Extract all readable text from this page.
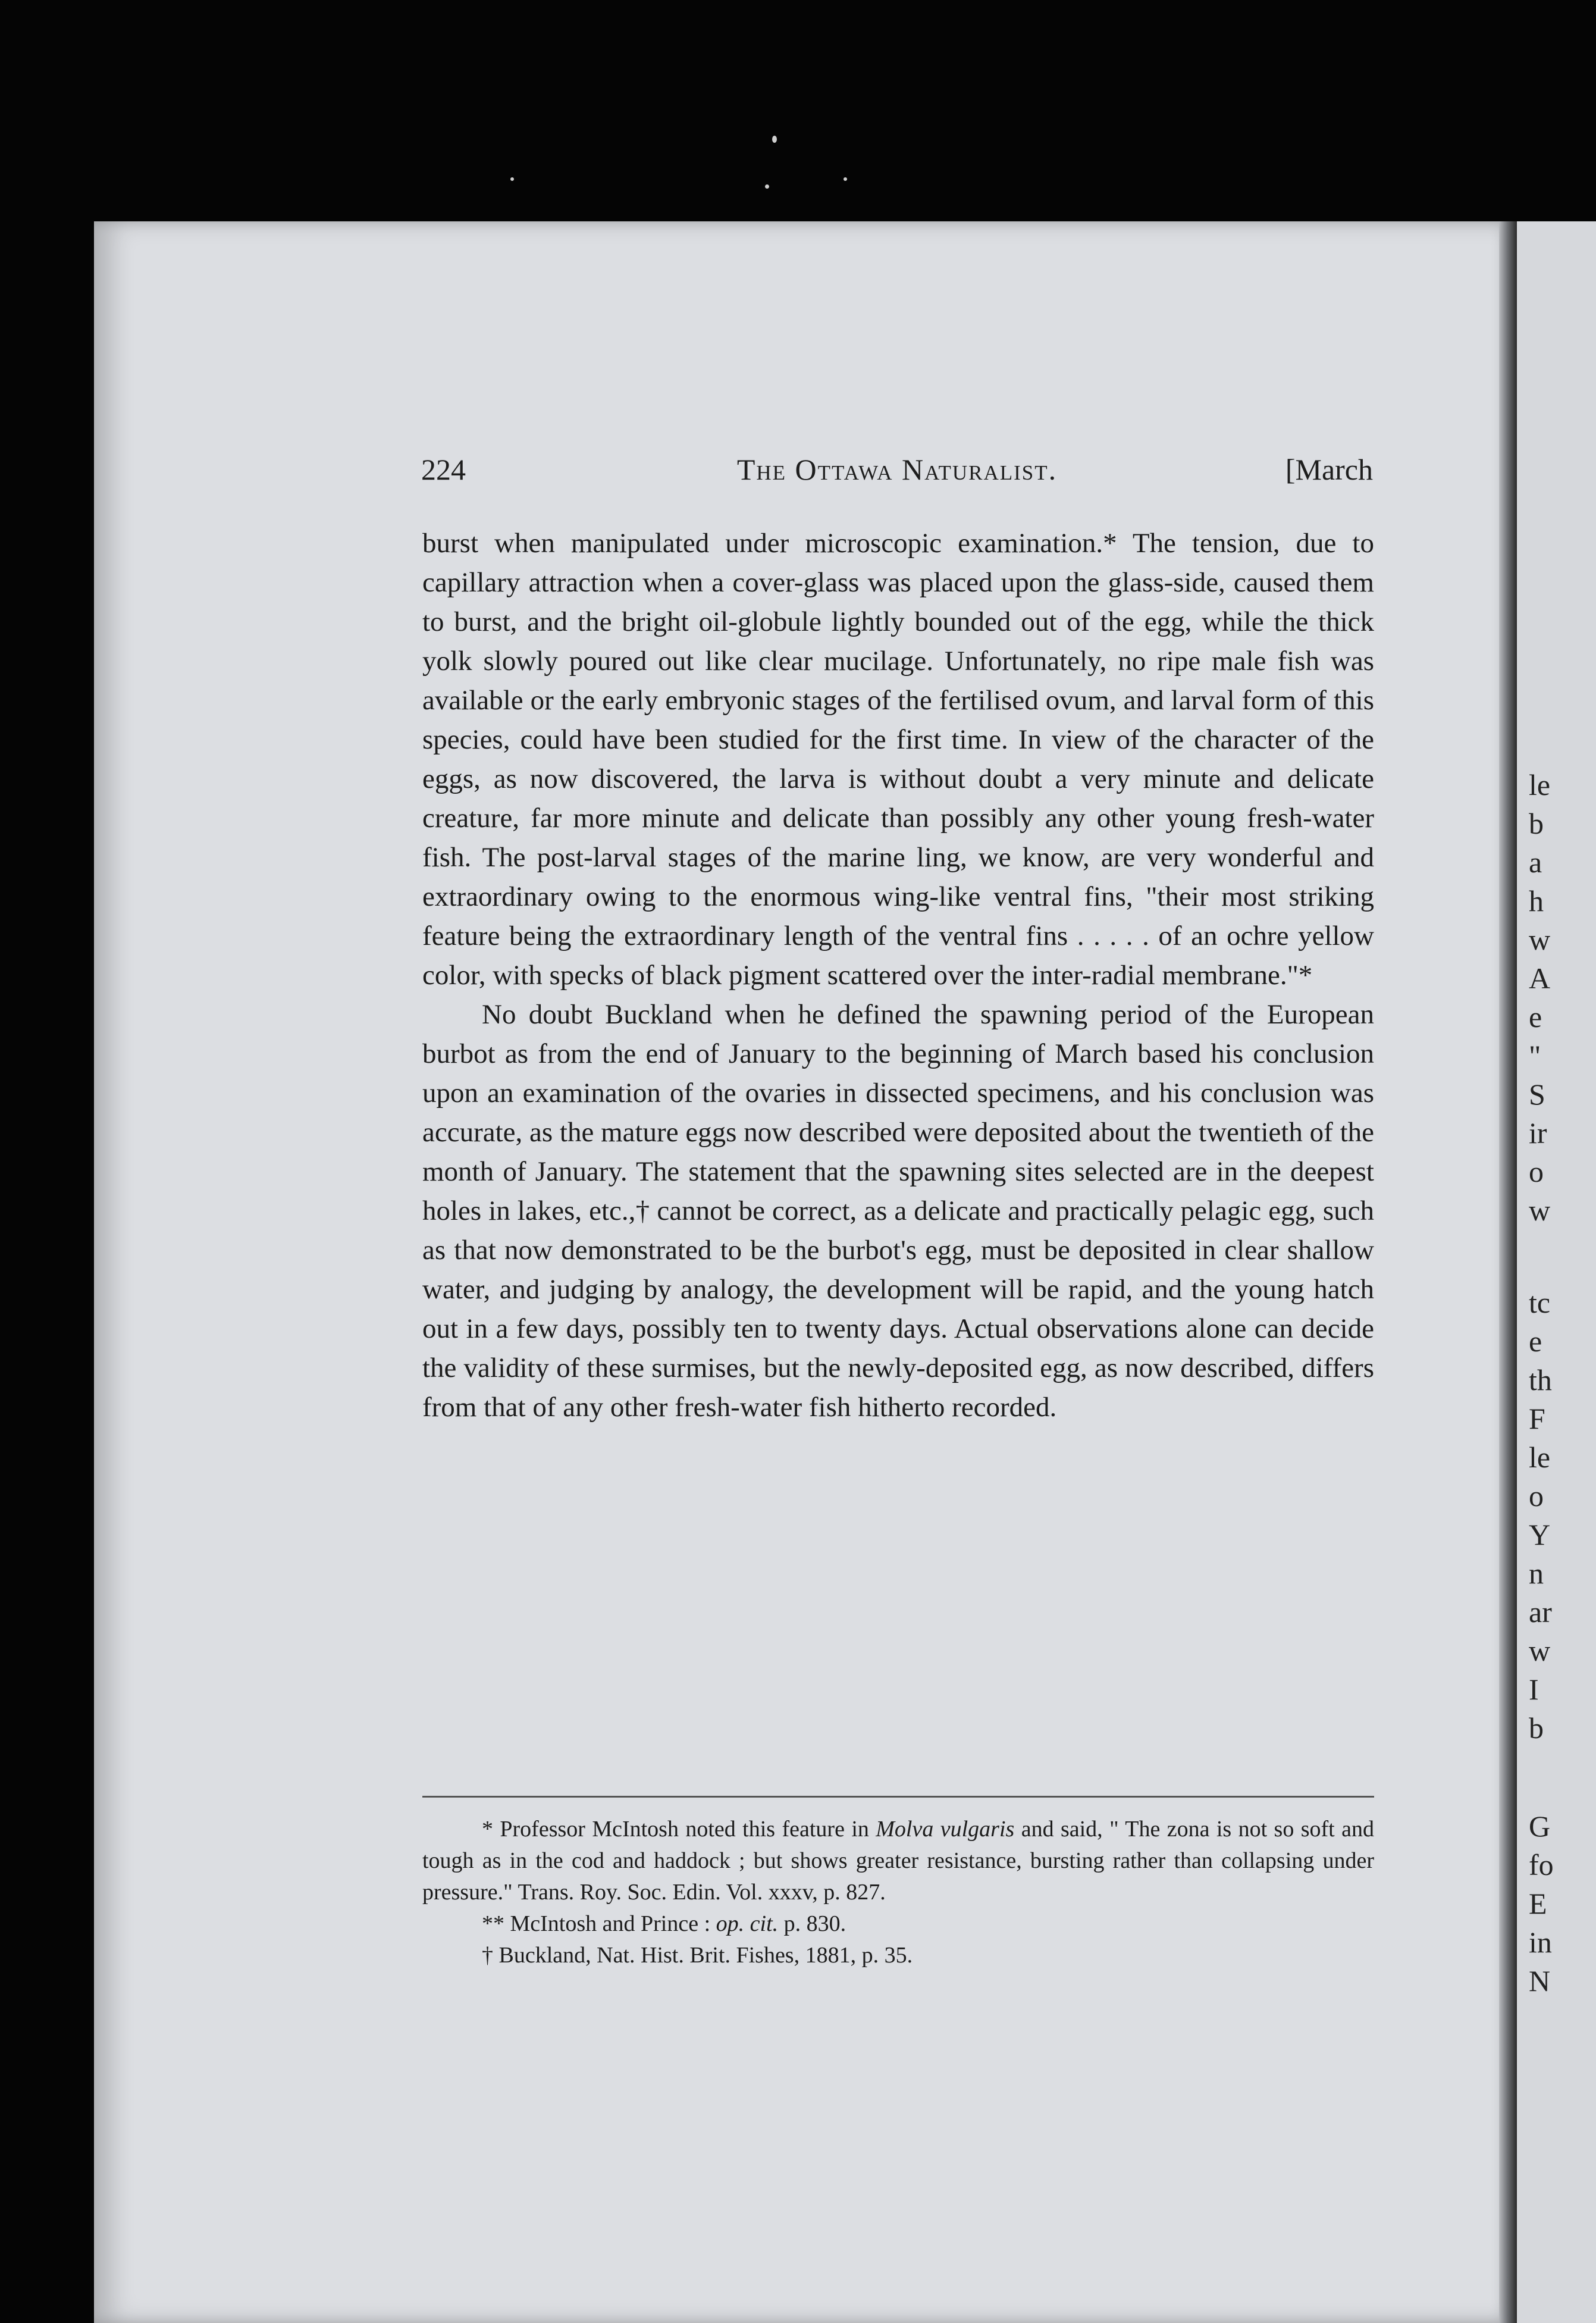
le
b
a
h
w
A
e
"
S
ir
o
w
tc
e
th
F
le
o
Y
n
ar
w
I
b
G
fo
E
in
N
224	The Ottawa Naturalist.	[March

burst when manipulated under microscopic examination.* The tension, due to capillary attraction when a cover-glass was placed upon the glass-side, caused them to burst, and the bright oil-globule lightly bounded out of the egg, while the thick yolk slowly poured out like clear mucilage. Unfortunately, no ripe male fish was available or the early embryonic stages of the fertilised ovum, and larval form of this species, could have been studied for the first time. In view of the character of the eggs, as now discovered, the larva is without doubt a very minute and delicate creature, far more minute and delicate than possibly any other young fresh-water fish. The post-larval stages of the marine ling, we know, are very wonderful and extraordinary owing to the enormous wing-like ventral fins, "their most striking feature being the extraordinary length of the ventral fins . . . . . of an ochre yellow color, with specks of black pigment scattered over the inter-radial membrane."*

No doubt Buckland when he defined the spawning period of the European burbot as from the end of January to the beginning of March based his conclusion upon an examination of the ovaries in dissected specimens, and his conclusion was accurate, as the mature eggs now described were deposited about the twentieth of the month of January. The statement that the spawning sites selected are in the deepest holes in lakes, etc.,† cannot be correct, as a delicate and practically pelagic egg, such as that now demonstrated to be the burbot's egg, must be deposited in clear shallow water, and judging by analogy, the development will be rapid, and the young hatch out in a few days, possibly ten to twenty days. Actual observations alone can decide the validity of these surmises, but the newly-deposited egg, as now described, differs from that of any other fresh-water fish hitherto recorded.

* Professor McIntosh noted this feature in Molva vulgaris and said, " The zona is not so soft and tough as in the cod and haddock ; but shows greater resistance, bursting rather than collapsing under pressure." Trans. Roy. Soc. Edin. Vol. xxxv, p. 827.

** McIntosh and Prince : op. cit. p. 830.

† Buckland, Nat. Hist. Brit. Fishes, 1881, p. 35.
